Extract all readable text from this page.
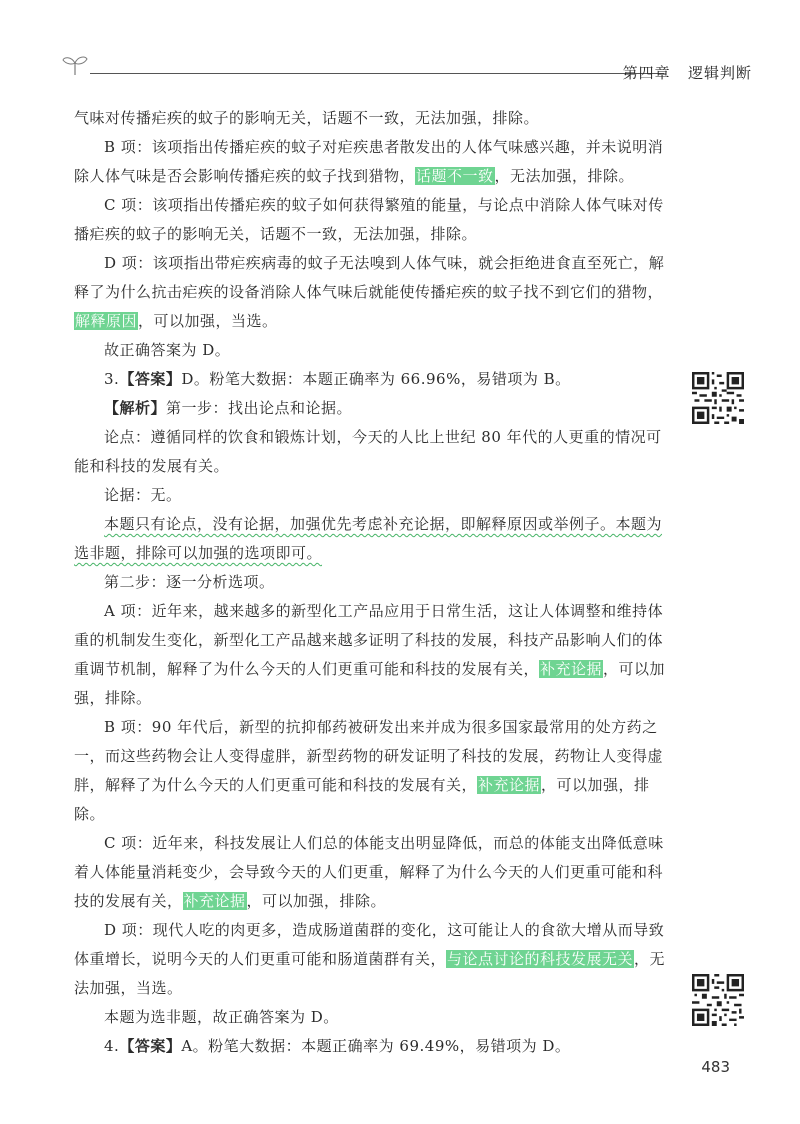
第四章 逻辑判断

气味对传播疟疾的蚊子的影响无关，话题不一致，无法加强，排除。

B 项：该项指出传播疟疾的蚊子对疟疾患者散发出的人体气味感兴趣，并未说明消除人体气味是否会影响传播疟疾的蚊子找到猎物，话题不一致，无法加强，排除。

C 项：该项指出传播疟疾的蚊子如何获得繁殖的能量，与论点中消除人体气味对传播疟疾的蚊子的影响无关，话题不一致，无法加强，排除。

D 项：该项指出带疟疾病毒的蚊子无法嗅到人体气味，就会拒绝进食直至死亡，解释了为什么抗击疟疾的设备消除人体气味后就能使传播疟疾的蚊子找不到它们的猎物，解释原因，可以加强，当选。

故正确答案为 D。

3.【答案】D。粉笔大数据：本题正确率为 66.96%，易错项为 B。

【解析】第一步：找出论点和论据。

论点：遵循同样的饮食和锻炼计划，今天的人比上世纪 80 年代的人更重的情况可能和科技的发展有关。

论据：无。

本题只有论点，没有论据，加强优先考虑补充论据，即解释原因或举例子。本题为选非题，排除可以加强的选项即可。

第二步：逐一分析选项。

A 项：近年来，越来越多的新型化工产品应用于日常生活，这让人体调整和维持体重的机制发生变化，新型化工产品越来越多证明了科技的发展，科技产品影响人们的体重调节机制，解释了为什么今天的人们更重可能和科技的发展有关，补充论据，可以加强，排除。

B 项：90 年代后，新型的抗抑郁药被研发出来并成为很多国家最常用的处方药之一，而这些药物会让人变得虚胖，新型药物的研发证明了科技的发展，药物让人变得虚胖，解释了为什么今天的人们更重可能和科技的发展有关，补充论据，可以加强，排除。

C 项：近年来，科技发展让人们总的体能支出明显降低，而总的体能支出降低意味着人体能量消耗变少，会导致今天的人们更重，解释了为什么今天的人们更重可能和科技的发展有关，补充论据，可以加强，排除。

D 项：现代人吃的肉更多，造成肠道菌群的变化，这可能让人的食欲大增从而导致体重增长，说明今天的人们更重可能和肠道菌群有关，与论点讨论的科技发展无关，无法加强，当选。

本题为选非题，故正确答案为 D。

4.【答案】A。粉笔大数据：本题正确率为 69.49%，易错项为 D。

483
